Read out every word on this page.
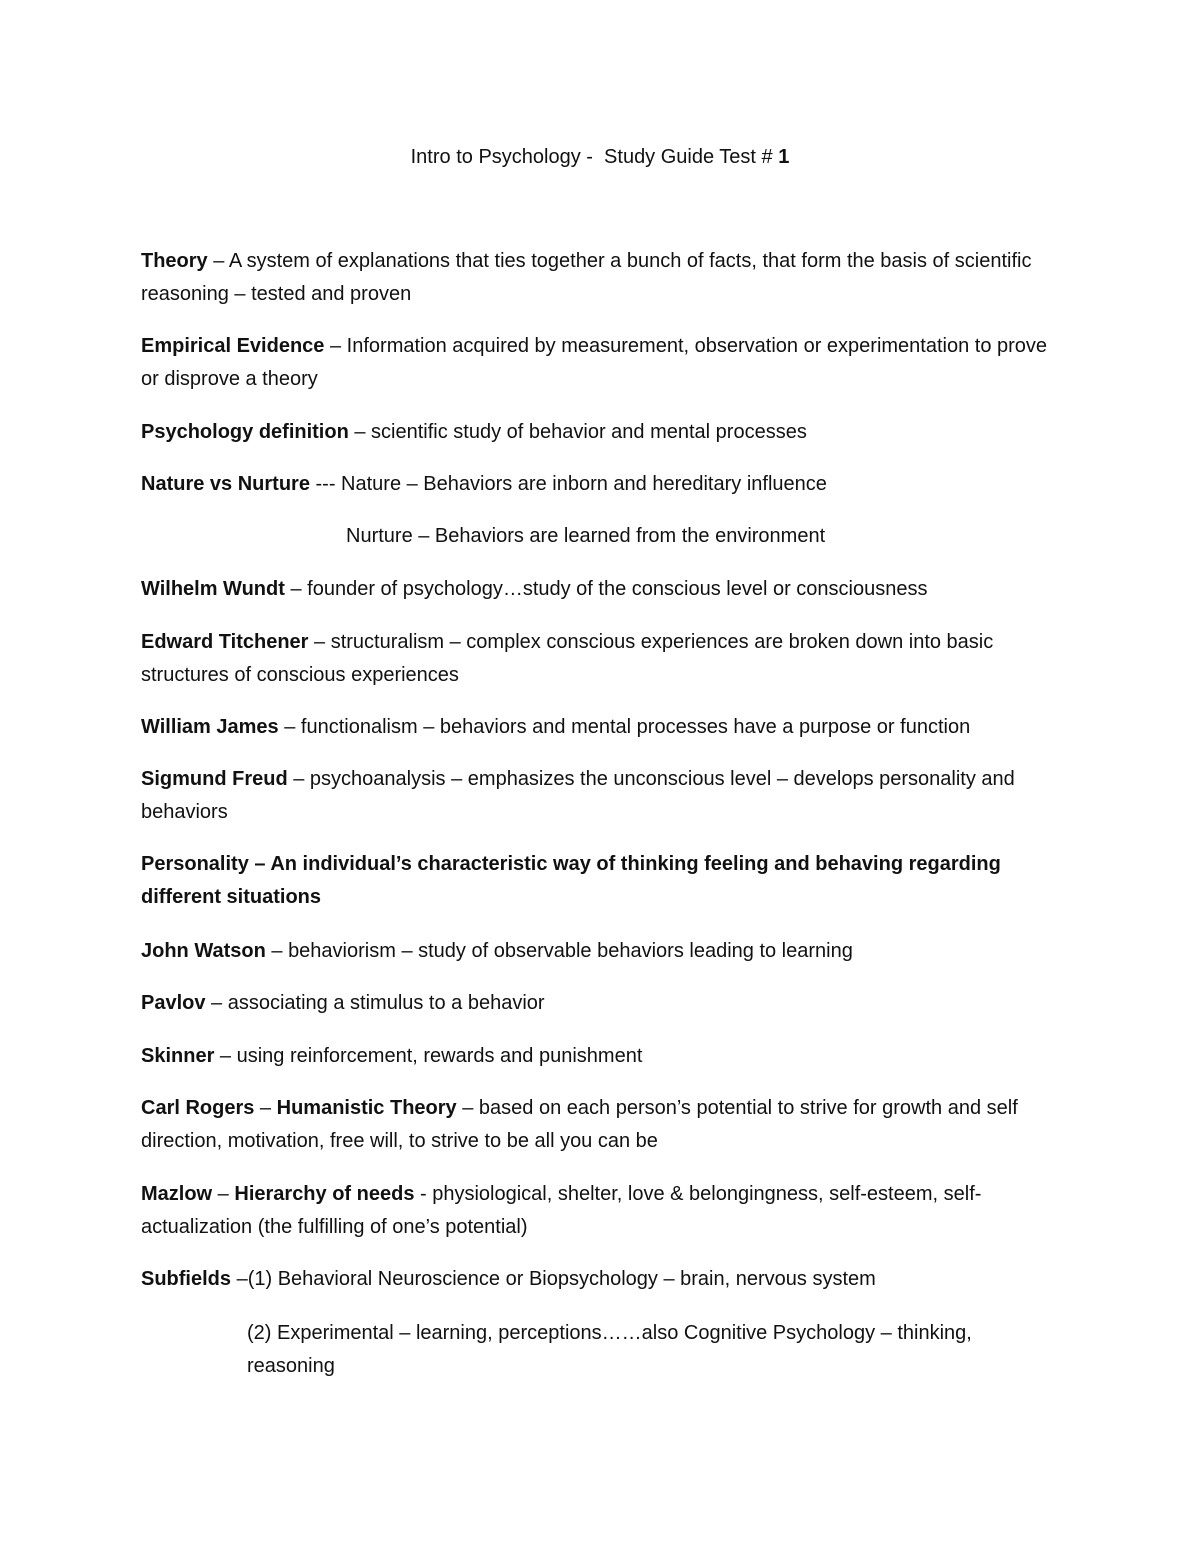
Intro to Psychology -  Study Guide Test # 1

Theory – A system of explanations that ties together a bunch of facts, that form the basis of scientific reasoning – tested and proven

Empirical Evidence – Information acquired by measurement, observation or experimentation to prove or disprove a theory

Psychology definition – scientific study of behavior and mental processes

Nature vs Nurture --- Nature – Behaviors are inborn and hereditary influence

Nurture – Behaviors are learned from the environment

Wilhelm Wundt – founder of psychology…study of the conscious level or consciousness

Edward Titchener – structuralism – complex conscious experiences are broken down into basic structures of conscious experiences

William James – functionalism – behaviors and mental processes have a purpose or function

Sigmund Freud – psychoanalysis – emphasizes the unconscious level – develops personality and behaviors

Personality – An individual’s characteristic way of thinking feeling and behaving regarding different situations

John Watson – behaviorism – study of observable behaviors leading to learning

Pavlov – associating a stimulus to a behavior

Skinner – using reinforcement, rewards and punishment

Carl Rogers – Humanistic Theory – based on each person’s potential to strive for growth and self direction, motivation, free will, to strive to be all you can be

Mazlow – Hierarchy of needs - physiological, shelter, love & belongingness, self-esteem, self-actualization (the fulfilling of one’s potential)

Subfields –(1) Behavioral Neuroscience or Biopsychology – brain, nervous system

(2) Experimental – learning, perceptions……also Cognitive Psychology – thinking, reasoning
